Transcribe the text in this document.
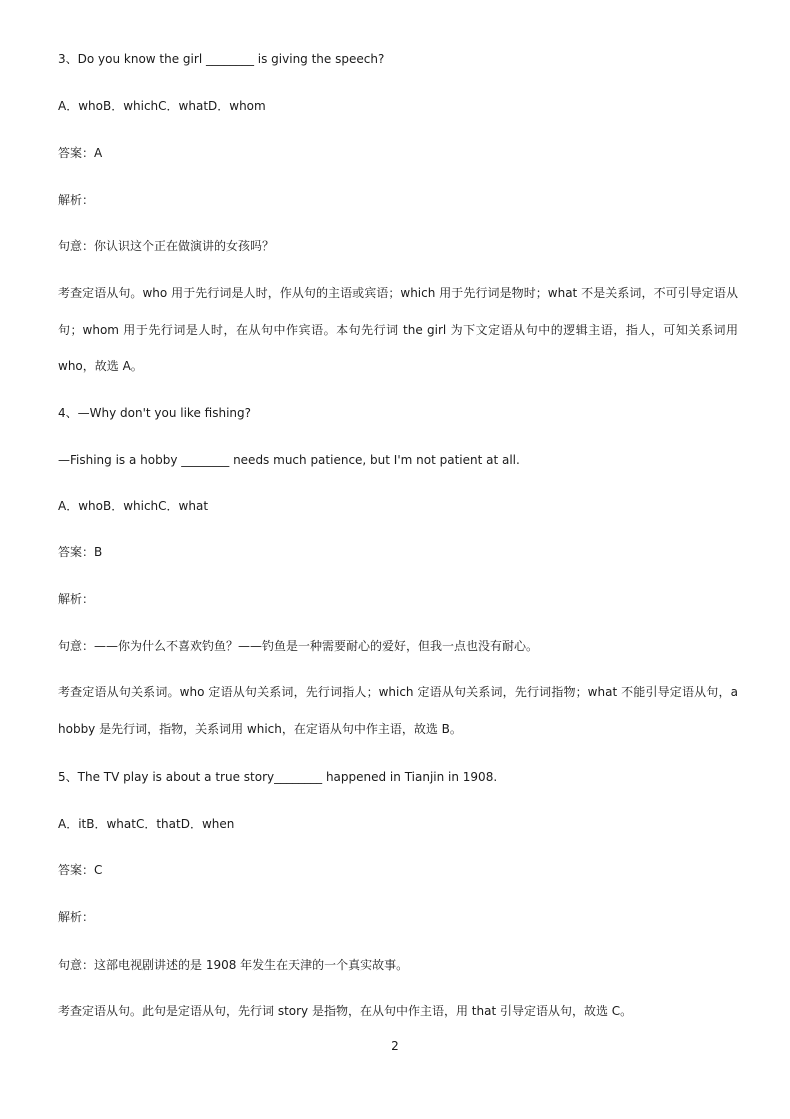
3、Do you know the girl ________ is giving the speech?
A．whoB．whichC．whatD．whom
答案：A
解析：
句意：你认识这个正在做演讲的女孩吗？
考查定语从句。who 用于先行词是人时，作从句的主语或宾语；which 用于先行词是物时；what 不是关系词，不可引导定语从句；whom 用于先行词是人时，在从句中作宾语。本句先行词 the girl 为下文定语从句中的逻辑主语，指人，可知关系词用 who，故选 A。
4、—Why don't you like fishing?
—Fishing is a hobby ________ needs much patience, but I'm not patient at all.
A．whoB．whichC．what
答案：B
解析：
句意：——你为什么不喜欢钓鱼？——钓鱼是一种需要耐心的爱好，但我一点也没有耐心。
考查定语从句关系词。who 定语从句关系词，先行词指人；which 定语从句关系词，先行词指物；what 不能引导定语从句，a hobby 是先行词，指物，关系词用 which，在定语从句中作主语，故选 B。
5、The TV play is about a true story________ happened in Tianjin in 1908.
A．itB．whatC．thatD．when
答案：C
解析：
句意：这部电视剧讲述的是 1908 年发生在天津的一个真实故事。
考查定语从句。此句是定语从句，先行词 story 是指物，在从句中作主语，用 that 引导定语从句，故选 C。
2
